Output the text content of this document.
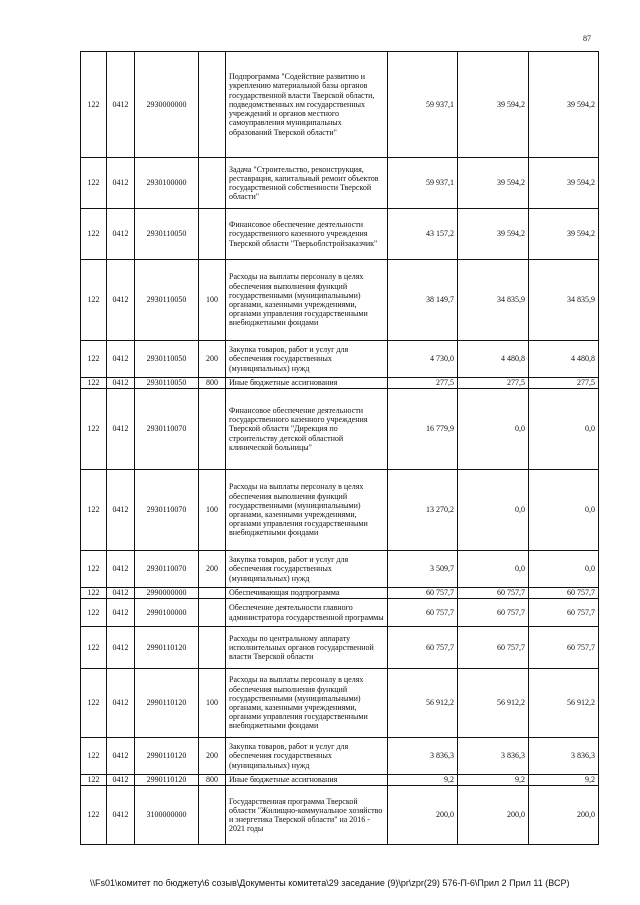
87
122	0412	2930000000		Подпрограмма "Содействие развитию и укреплению материальной базы органов государственной власти Тверской области, подведомственных им государственных учреждений и органов местного самоуправления муниципальных образований Тверской области"	59 937,1	39 594,2	39 594,2
122	0412	2930100000		Задача "Строительство, реконструкция, реставрация, капитальный ремонт объектов государственной собственности Тверской области"	59 937,1	39 594,2	39 594,2
122	0412	2930110050		Финансовое обеспечение деятельности государственного казенного учреждения Тверской области "Тверьоблстройзаказчик"	43 157,2	39 594,2	39 594,2
122	0412	2930110050	100	Расходы на выплаты персоналу в целях обеспечения выполнения функций государственными (муниципальными) органами, казенными учреждениями, органами управления государственными внебюджетными фондами	38 149,7	34 835,9	34 835,9
122	0412	2930110050	200	Закупка товаров, работ и услуг для обеспечения государственных (муниципальных) нужд	4 730,0	4 480,8	4 480,8
122	0412	2930110050	800	Иные бюджетные ассигнования	277,5	277,5	277,5
122	0412	2930110070		Финансовое обеспечение деятельности государственного казенного учреждения Тверской области "Дирекция по строительству детской областной клинической больницы"	16 779,9	0,0	0,0
122	0412	2930110070	100	Расходы на выплаты персоналу в целях обеспечения выполнения функций государственными (муниципальными) органами, казенными учреждениями, органами управления государственными внебюджетными фондами	13 270,2	0,0	0,0
122	0412	2930110070	200	Закупка товаров, работ и услуг для обеспечения государственных (муниципальных) нужд	3 509,7	0,0	0,0
122	0412	2990000000		Обеспечивающая подпрограмма	60 757,7	60 757,7	60 757,7
122	0412	2990100000		Обеспечение деятельности главного администратора государственной программы	60 757,7	60 757,7	60 757,7
122	0412	2990110120		Расходы по центральному аппарату исполнительных органов государственной власти Тверской области	60 757,7	60 757,7	60 757,7
122	0412	2990110120	100	Расходы на выплаты персоналу в целях обеспечения выполнения функций государственными (муниципальными) органами, казенными учреждениями, органами управления государственными внебюджетными фондами	56 912,2	56 912,2	56 912,2
122	0412	2990110120	200	Закупка товаров, работ и услуг для обеспечения государственных (муниципальных) нужд	3 836,3	3 836,3	3 836,3
122	0412	2990110120	800	Иные бюджетные ассигнования	9,2	9,2	9,2
122	0412	3100000000		Государственная программа Тверской области "Жилищно-коммунальное хозяйство и энергетика Тверской области" на 2016 - 2021 годы	200,0	200,0	200,0
\\Fs01\комитет по бюджету\6 созыв\Документы комитета\29 заседание (9)\pr\zpr(29) 576-П-6\Прил 2 Прил 11 (ВСР)
